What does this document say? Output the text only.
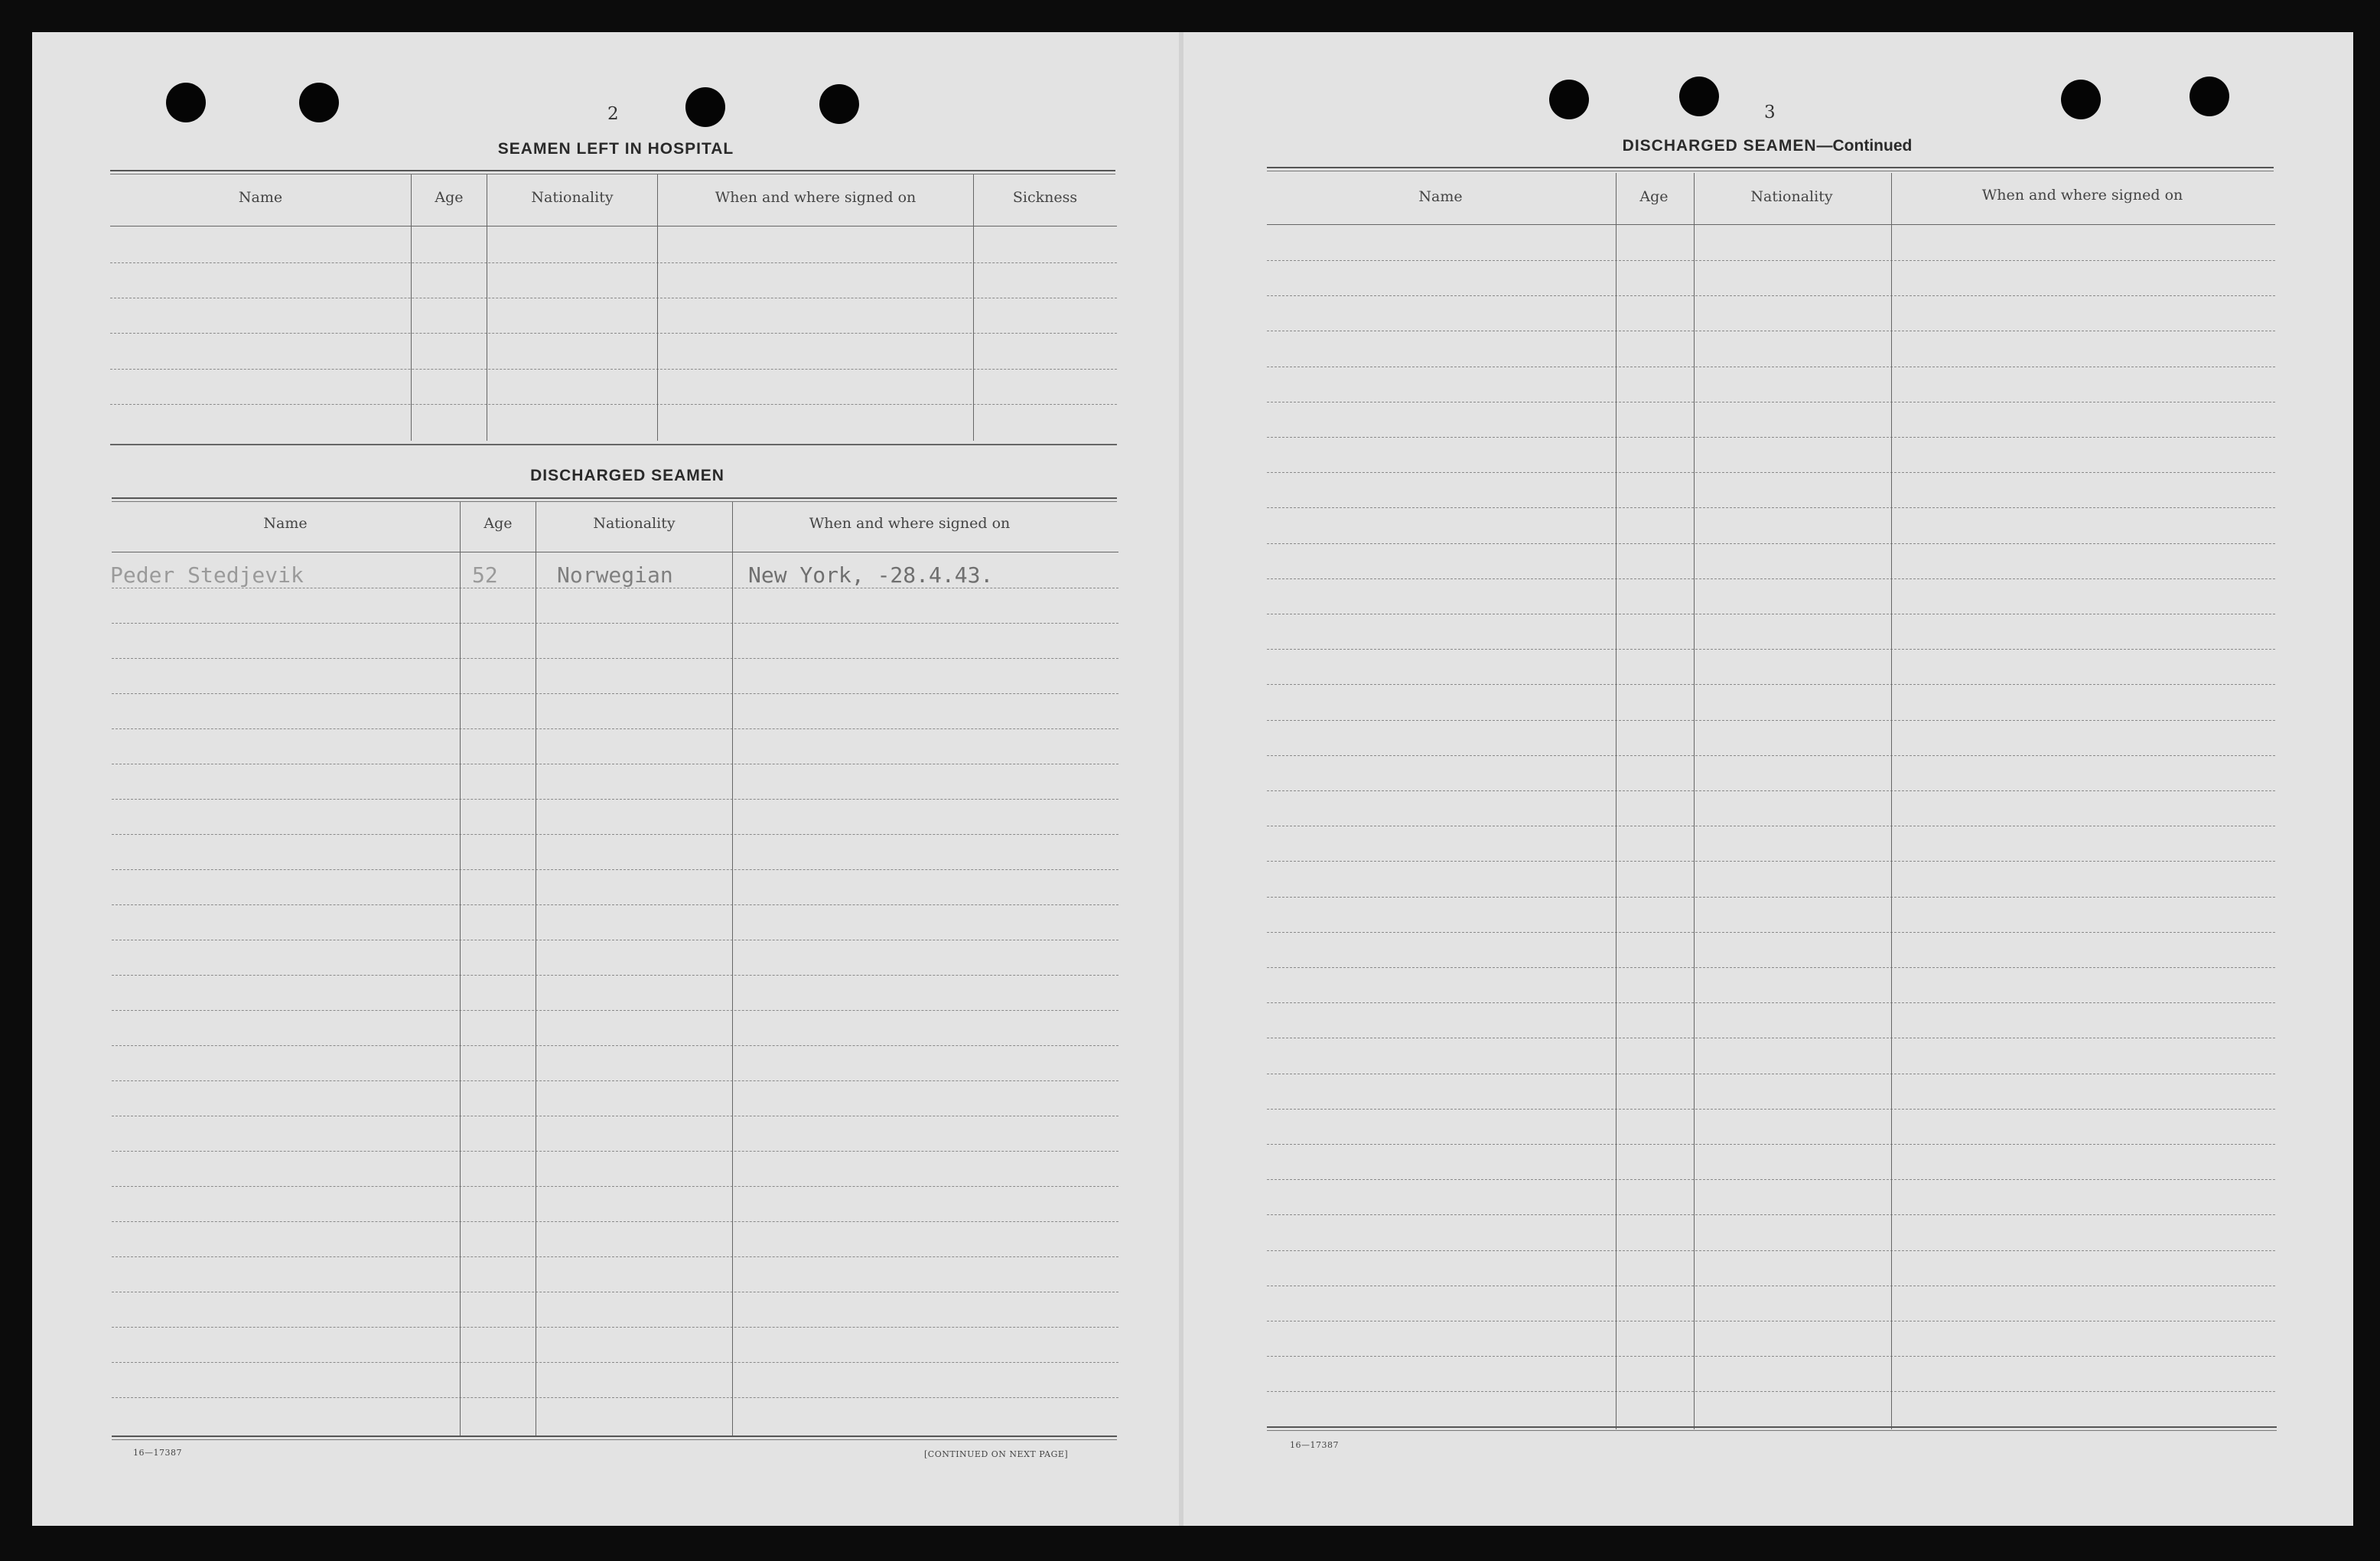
2
SEAMEN LEFT IN HOSPITAL
Name	Age	Nationality	When and where signed on	Sickness
DISCHARGED SEAMEN
Name	Age	Nationality	When and where signed on
Peder Stedjevik	52	Norwegian	New York, -28.4.43.
16—17387	[CONTINUED ON NEXT PAGE]
3
DISCHARGED SEAMEN—Continued
Name	Age	Nationality	When and where signed on
16—17387
